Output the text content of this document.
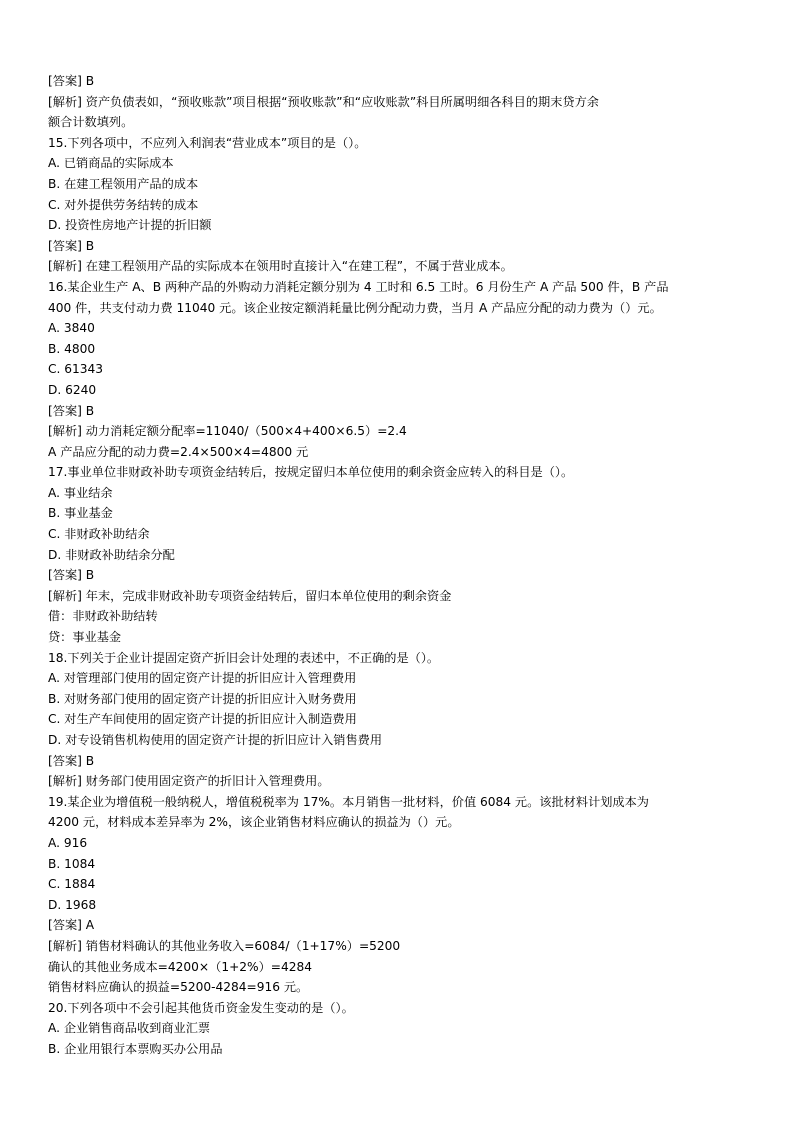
[答案] B
[解析] 资产负债表如，“预收账款”项目根据“预收账款”和“应收账款”科目所属明细各科目的期末贷方余
额合计数填列。
15.下列各项中，不应列入利润表“营业成本”项目的是（）。
A. 已销商品的实际成本
B. 在建工程领用产品的成本
C. 对外提供劳务结转的成本
D. 投资性房地产计提的折旧额
[答案] B
[解析] 在建工程领用产品的实际成本在领用时直接计入“在建工程”，不属于营业成本。
16.某企业生产 A、B 两种产品的外购动力消耗定额分别为 4 工时和 6.5 工时。6 月份生产 A 产品 500 件，B 产品
400 件，共支付动力费 11040 元。该企业按定额消耗量比例分配动力费，当月 A 产品应分配的动力费为（）元。
A. 3840
B. 4800
C. 61343
D. 6240
[答案] B
[解析] 动力消耗定额分配率=11040/（500×4+400×6.5）=2.4
A 产品应分配的动力费=2.4×500×4=4800 元
17.事业单位非财政补助专项资金结转后，按规定留归本单位使用的剩余资金应转入的科目是（）。
A. 事业结余
B. 事业基金
C. 非财政补助结余
D. 非财政补助结余分配
[答案] B
[解析] 年末，完成非财政补助专项资金结转后，留归本单位使用的剩余资金
借：非财政补助结转
贷：事业基金
18.下列关于企业计提固定资产折旧会计处理的表述中，不正确的是（）。
A. 对管理部门使用的固定资产计提的折旧应计入管理费用
B. 对财务部门使用的固定资产计提的折旧应计入财务费用
C. 对生产车间使用的固定资产计提的折旧应计入制造费用
D. 对专设销售机构使用的固定资产计提的折旧应计入销售费用
[答案] B
[解析] 财务部门使用固定资产的折旧计入管理费用。
19.某企业为增值税一般纳税人，增值税税率为 17%。本月销售一批材料，价值 6084 元。该批材料计划成本为
4200 元，材料成本差异率为 2%，该企业销售材料应确认的损益为（）元。
A. 916
B. 1084
C. 1884
D. 1968
[答案] A
[解析] 销售材料确认的其他业务收入=6084/（1+17%）=5200
确认的其他业务成本=4200×（1+2%）=4284
销售材料应确认的损益=5200-4284=916 元。
20.下列各项中不会引起其他货币资金发生变动的是（）。
A. 企业销售商品收到商业汇票
B. 企业用银行本票购买办公用品
